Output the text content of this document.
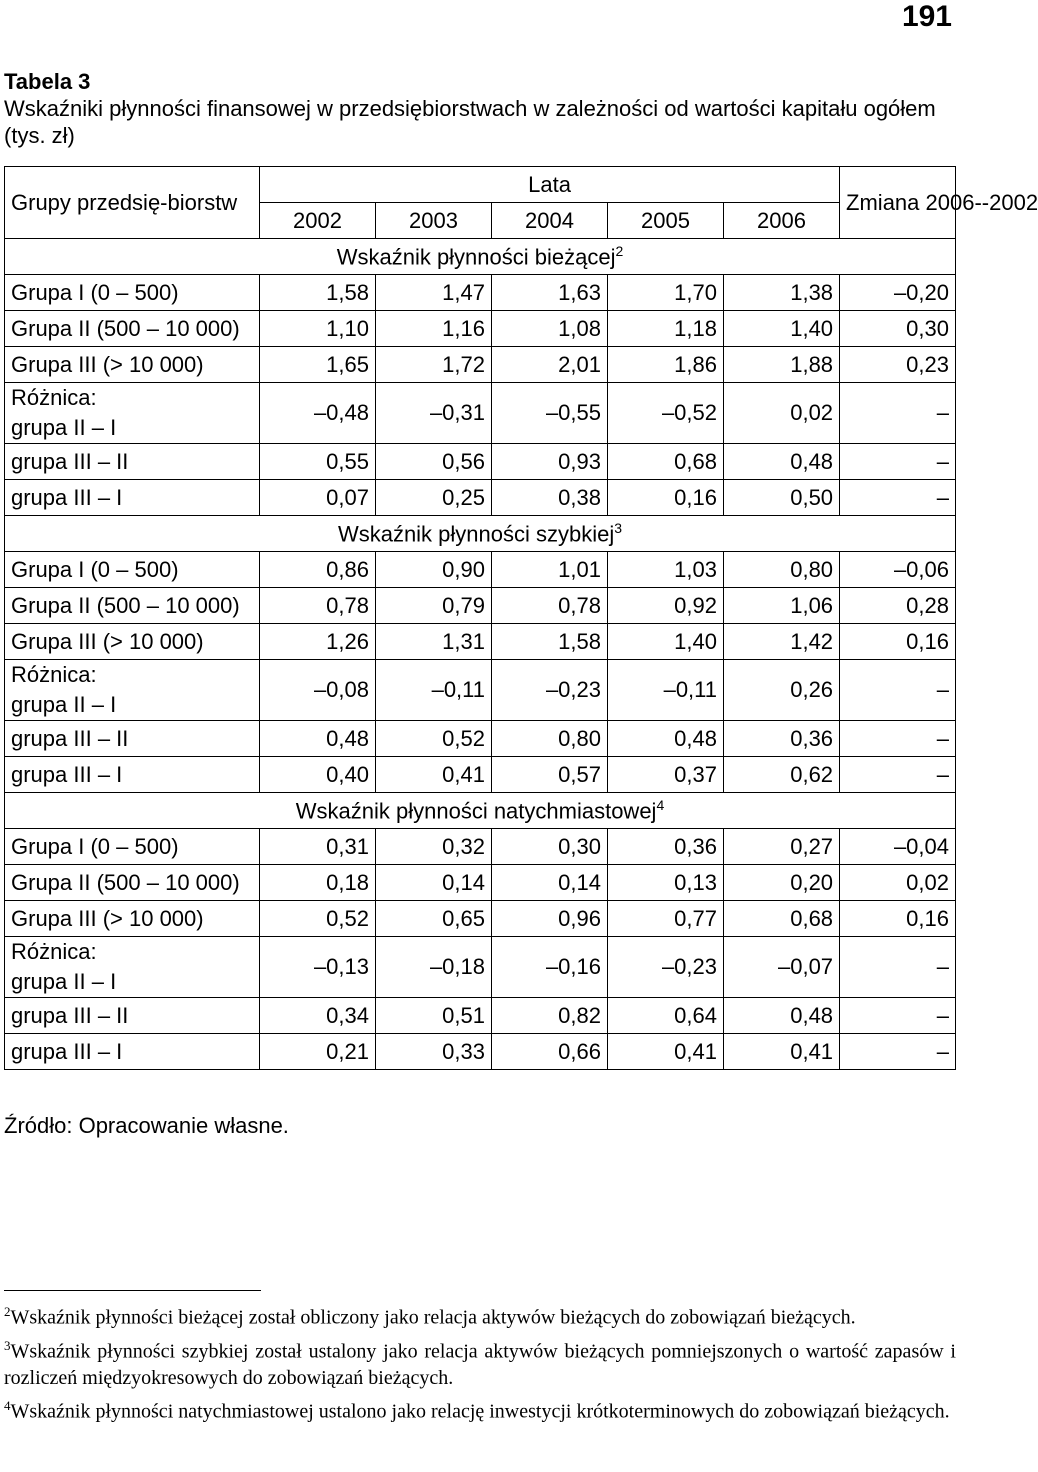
191
Tabela 3
Wskaźniki płynności finansowej w przedsiębiorstwach w zależności od wartości kapitału ogółem (tys. zł)
Grupy przedsię-biorstw	Lata					Zmiana 2006--2002
	2002	2003	2004	2005	2006	
Wskaźnik płynności bieżącej$^2$
Grupa I (0 – 500)	1,58	1,47	1,63	1,70	1,38	–0,20
Grupa II (500 – 10 000)	1,10	1,16	1,08	1,18	1,40	0,30
Grupa III (> 10 000)	1,65	1,72	2,01	1,86	1,88	0,23

Różnica:
grupa II – I	–0,48	–0,31	–0,55	–0,52	0,02	–

grupa III – II	0,55	0,56	0,93	0,68	0,48	–

grupa III – I	0,07	0,25	0,38	0,16	0,50	–
Wskaźnik płynności szybkiej$^3$
Grupa I (0 – 500)	0,86	0,90	1,01	1,03	0,80	–0,06
Grupa II (500 – 10 000)	0,78	0,79	0,78	0,92	1,06	0,28
Grupa III (> 10 000)	1,26	1,31	1,58	1,40	1,42	0,16

Różnica:
grupa II – I	–0,08	–0,11	–0,23	–0,11	0,26	–

grupa III – II	0,48	0,52	0,80	0,48	0,36	–

grupa III – I	0,40	0,41	0,57	0,37	0,62	–
Wskaźnik płynności natychmiastowej$^4$
Grupa I (0 – 500)	0,31	0,32	0,30	0,36	0,27	–0,04
Grupa II (500 – 10 000)	0,18	0,14	0,14	0,13	0,20	0,02
Grupa III (> 10 000)	0,52	0,65	0,96	0,77	0,68	0,16

Różnica:
grupa II – I	–0,13	–0,18	–0,16	–0,23	–0,07	–

grupa III – II	0,34	0,51	0,82	0,64	0,48	–

grupa III – I	0,21	0,33	0,66	0,41	0,41	–
Źródło: Opracowanie własne.

$^2$Wskaźnik płynności bieżącej został obliczony jako relacja aktywów bieżących do zobowiązań bieżących.

$^3$Wskaźnik płynności szybkiej został ustalony jako relacja aktywów bieżących pomniejszonych o wartość zapasów i rozliczeń międzyokresowych do zobowiązań bieżących.

$^4$Wskaźnik płynności natychmiastowej ustalono jako relację inwestycji krótkoterminowych do zobowiązań bieżących.
